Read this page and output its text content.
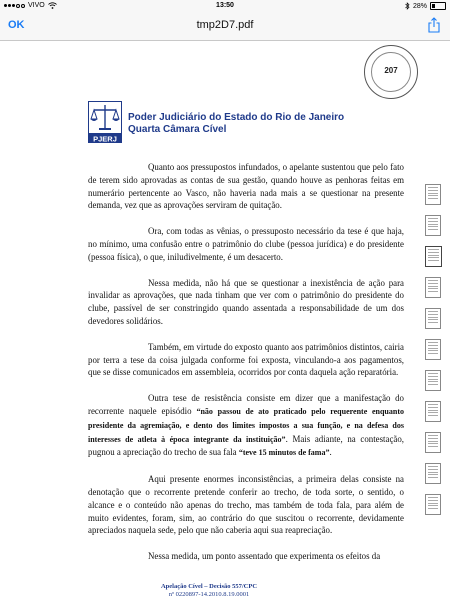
VIVO	13:50	28%
OK	tmp2D7.pdf
207
PJERJ
Poder Judiciário do Estado do Rio de Janeiro
Quarta Câmara Cível

Quanto aos pressupostos infundados, o apelante sustentou que pelo fato de terem sido aprovadas as contas de sua gestão, quando houve as penhoras feitas em numerário pertencente ao Vasco, não haveria nada mais a se questionar na presente demanda, vez que as aprovações serviram de quitação.

Ora, com todas as vênias, o pressuposto necessário da tese é que haja, no mínimo, uma confusão entre o patrimônio do clube (pessoa jurídica) e do presidente (pessoa física), o que, iniludivelmente, é um desacerto.

Nessa medida, não há que se questionar a inexistência de ação para invalidar as aprovações, que nada tinham que ver com o patrimônio do presidente do clube, passível de ser constringido quando assentada a responsabilidade de um dos devedores solidários.

Também, em virtude do exposto quanto aos patrimônios distintos, cairia por terra a tese da coisa julgada conforme foi exposta, vinculando-a aos pagamentos, que se disse comunicados em assembleia, ocorridos por conta daquela ação reparatória.

Outra tese de resistência consiste em dizer que a manifestação do recorrente naquele episódio “não passou de ato praticado pelo requerente enquanto presidente da agremiação, e dento dos limites impostos a sua função, e na defesa dos interesses de atleta à época integrante da instituição”. Mais adiante, na contestação, pugnou a apreciação do trecho de sua fala “teve 15 minutos de fama”.

Aqui presente enormes inconsistências, a primeira delas consiste na denotação que o recorrente pretende conferir ao trecho, de toda sorte, o sentido, o alcance e o conteúdo não apenas do trecho, mas também de toda fala, para além de muito evidentes, foram, sim, ao contrário do que suscitou o recorrente, devidamente apreciados naquela sede, pelo que não caberia aqui sua reapreciação.

Nessa medida, um ponto assentado que experimenta os efeitos da

Apelação Cível – Decisão 557/CPC
nº 0220897-14.2010.8.19.0001
